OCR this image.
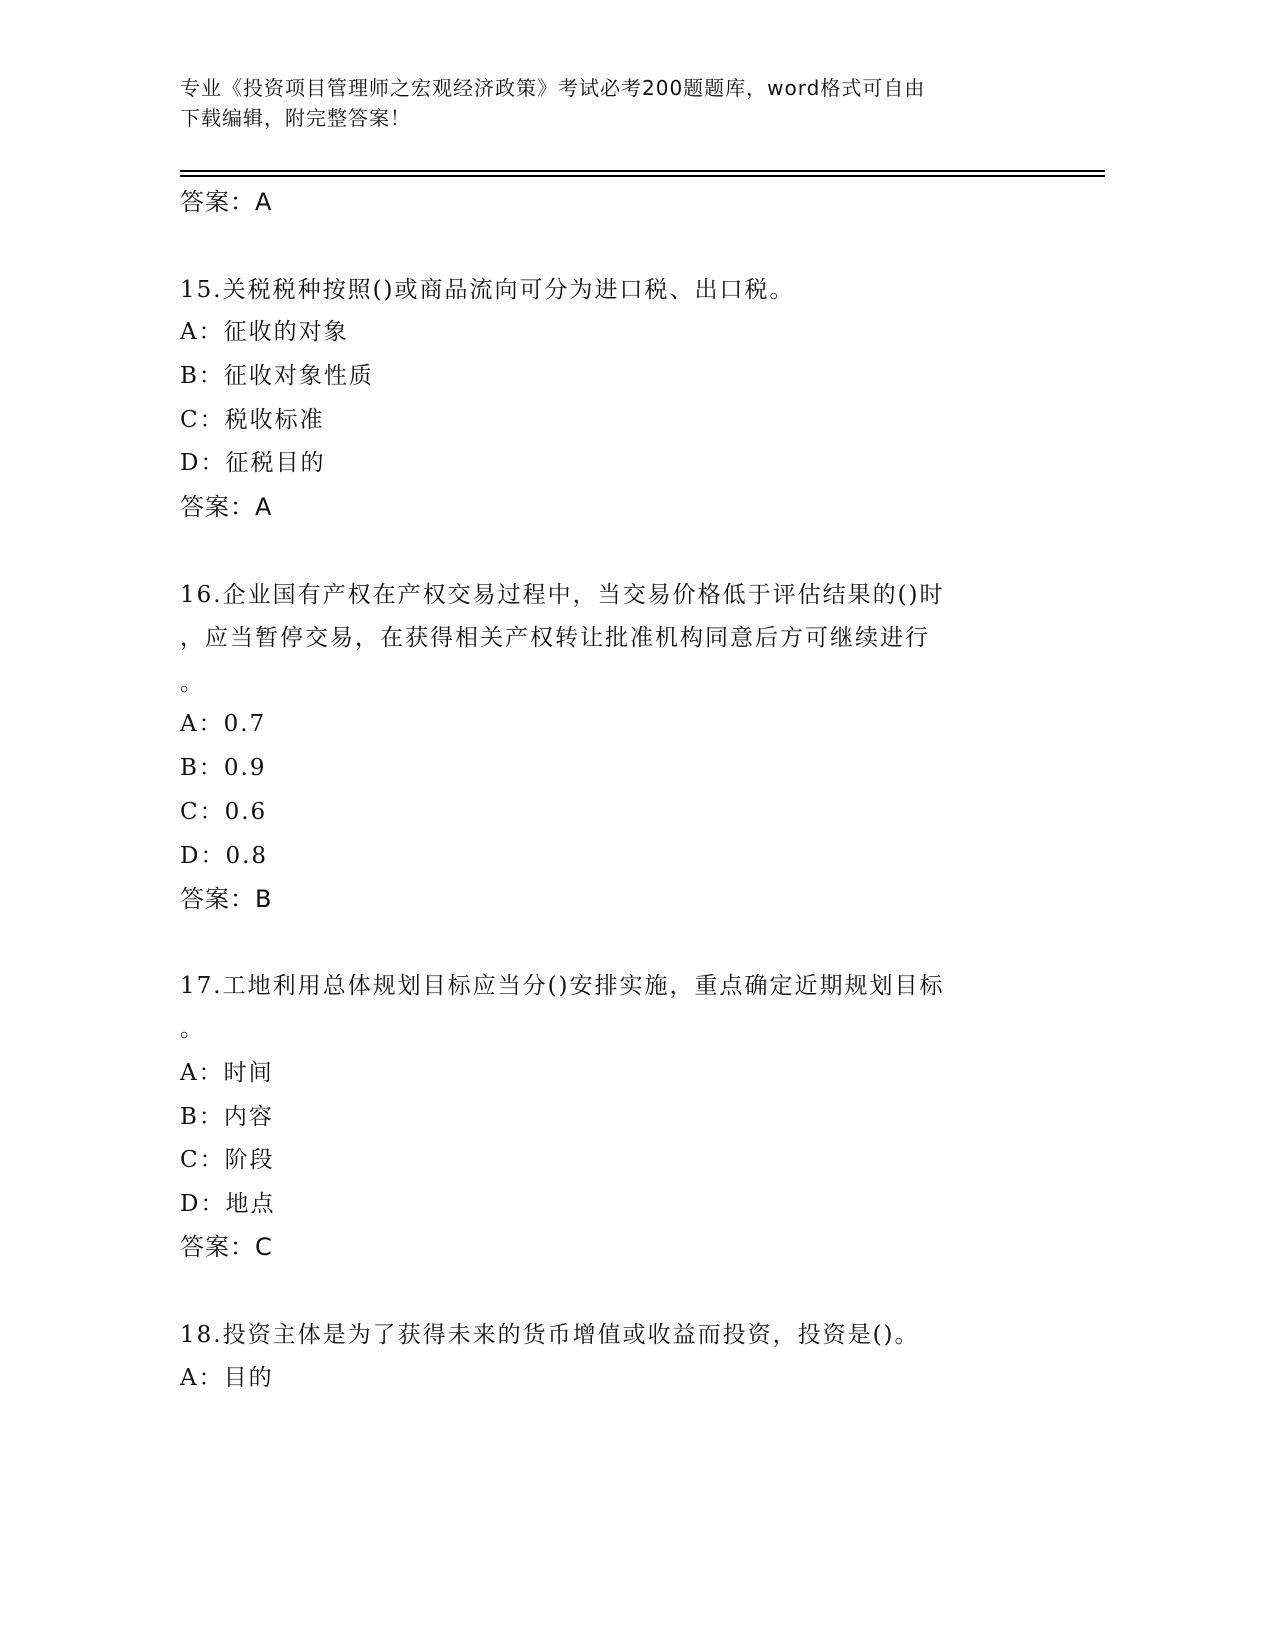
专业《投资项目管理师之宏观经济政策》考试必考200题题库，word格式可自由
下载编辑，附完整答案！
答案：A
15.关税税种按照()或商品流向可分为进口税、出口税。
A：征收的对象
B：征收对象性质
C：税收标准
D：征税目的
答案：A
16.企业国有产权在产权交易过程中，当交易价格低于评估结果的()时
，应当暂停交易，在获得相关产权转让批准机构同意后方可继续进行
。
A：0.7
B：0.9
C：0.6
D：0.8
答案：B
17.工地利用总体规划目标应当分()安排实施，重点确定近期规划目标
。
A：时间
B：内容
C：阶段
D：地点
答案：C
18.投资主体是为了获得未来的货币增值或收益而投资，投资是()。
A：目的
